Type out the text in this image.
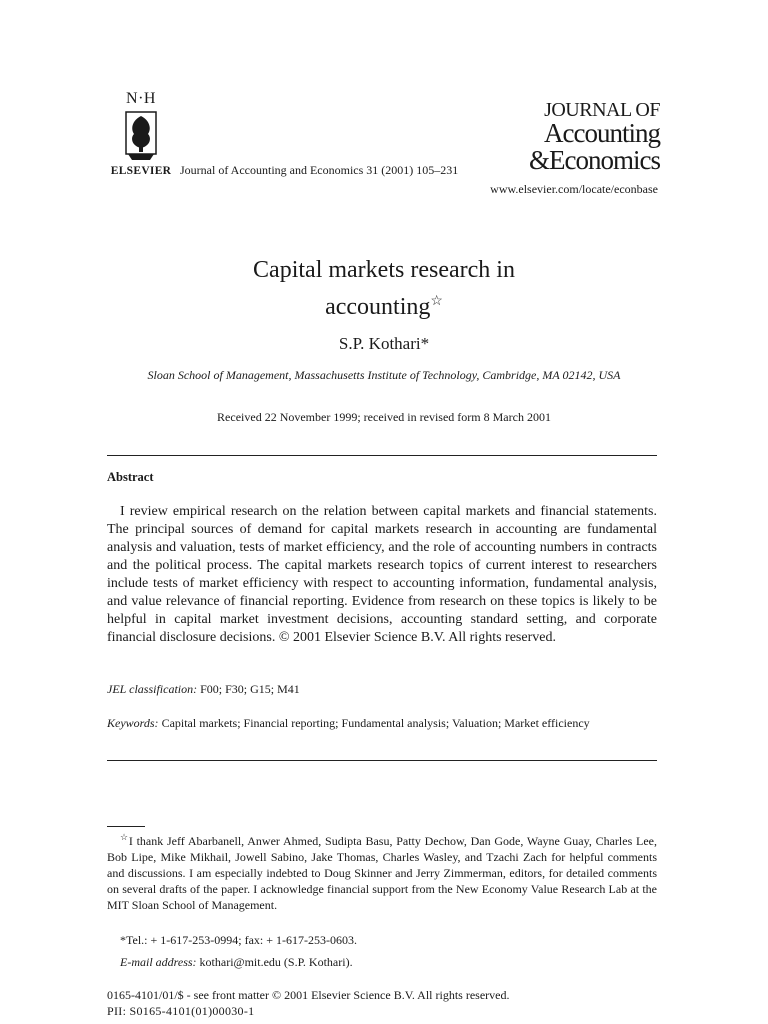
N·H
ELSEVIER Journal of Accounting and Economics 31 (2001) 105–231
JOURNAL OF
Accounting
&Economics
www.elsevier.com/locate/econbase
Capital markets research in
accounting☆
S.P. Kothari*
Sloan School of Management, Massachusetts Institute of Technology, Cambridge, MA 02142, USA
Received 22 November 1999; received in revised form 8 March 2001
Abstract

I review empirical research on the relation between capital markets and financial statements. The principal sources of demand for capital markets research in accounting are fundamental analysis and valuation, tests of market efficiency, and the role of accounting numbers in contracts and the political process. The capital markets research topics of current interest to researchers include tests of market efficiency with respect to accounting information, fundamental analysis, and value relevance of financial reporting. Evidence from research on these topics is likely to be helpful in capital market investment decisions, accounting standard setting, and corporate financial disclosure decisions. © 2001 Elsevier Science B.V. All rights reserved.

JEL classification: F00; F30; G15; M41

Keywords: Capital markets; Financial reporting; Fundamental analysis; Valuation; Market efficiency

☆I thank Jeff Abarbanell, Anwer Ahmed, Sudipta Basu, Patty Dechow, Dan Gode, Wayne Guay, Charles Lee, Bob Lipe, Mike Mikhail, Jowell Sabino, Jake Thomas, Charles Wasley, and Tzachi Zach for helpful comments and discussions. I am especially indebted to Doug Skinner and Jerry Zimmerman, editors, for detailed comments on several drafts of the paper. I acknowledge financial support from the New Economy Value Research Lab at the MIT Sloan School of Management.

*Tel.: + 1-617-253-0994; fax: + 1-617-253-0603.
E-mail address: kothari@mit.edu (S.P. Kothari).
0165-4101/01/$ - see front matter © 2001 Elsevier Science B.V. All rights reserved.
PII: S0165-4101(01)00030-1
